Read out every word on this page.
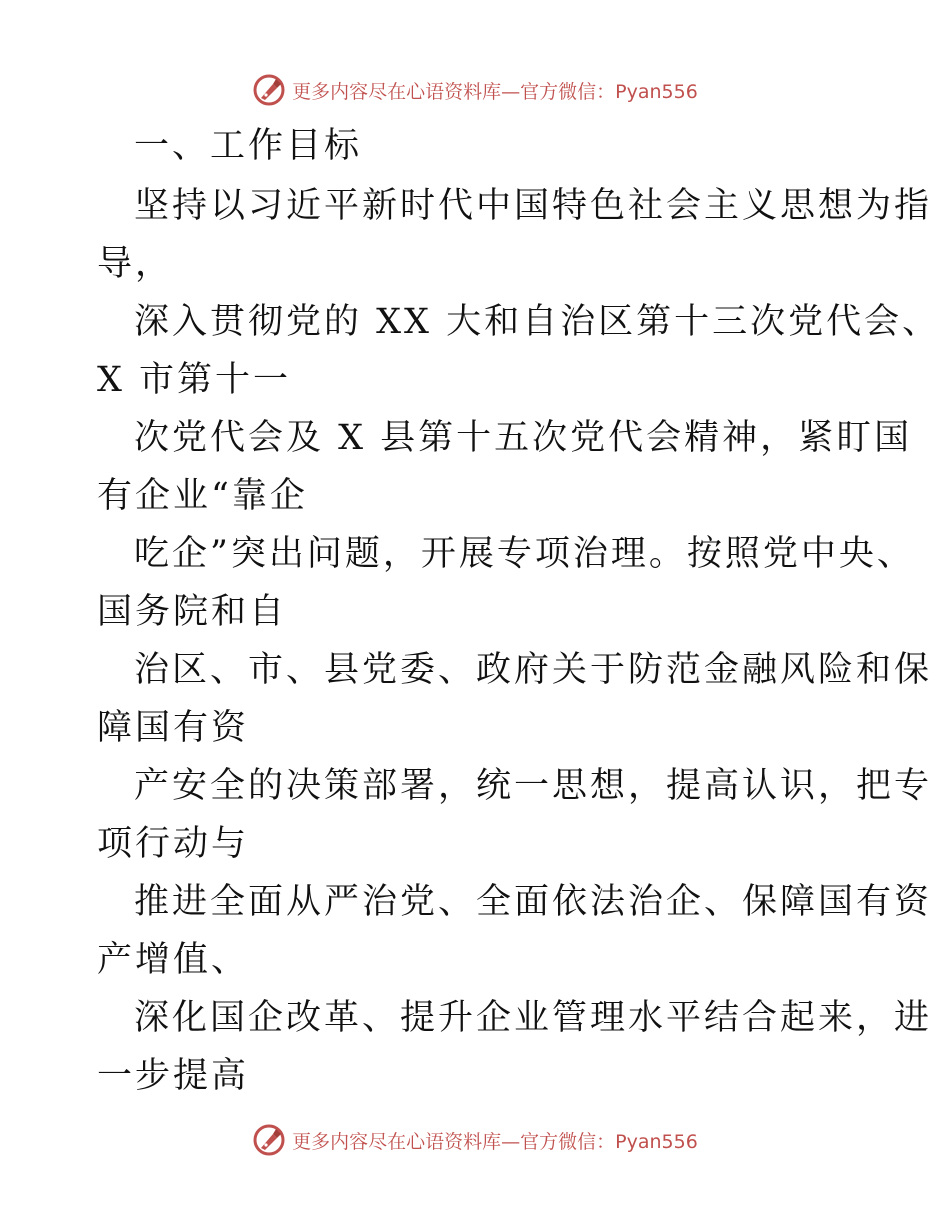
更多内容尽在心语资料库—官方微信：Pyan556
一、工作目标
坚持以习近平新时代中国特色社会主义思想为指
导，
深入贯彻党的 XX 大和自治区第十三次党代会、
X 市第十一
次党代会及 X 县第十五次党代会精神，紧盯国
有企业“靠企
吃企”突出问题，开展专项治理。按照党中央、
国务院和自
治区、市、县党委、政府关于防范金融风险和保
障国有资
产安全的决策部署，统一思想，提高认识，把专
项行动与
推进全面从严治党、全面依法治企、保障国有资
产增值、
深化国企改革、提升企业管理水平结合起来，进
一步提高
更多内容尽在心语资料库—官方微信：Pyan556
